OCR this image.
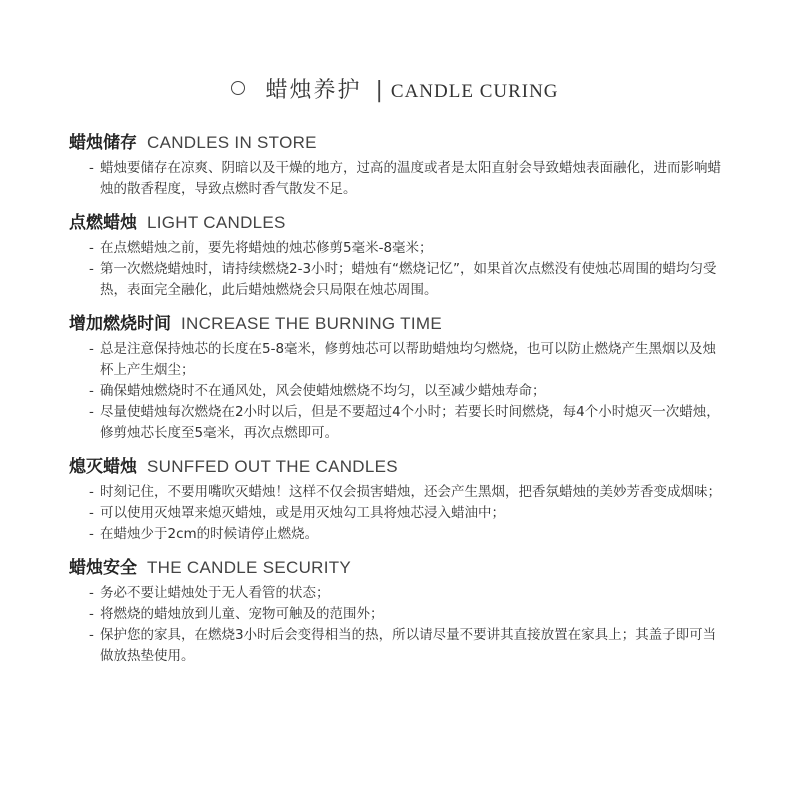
蜡烛养护 | CANDLE CURING
蜡烛储存 CANDLES IN STORE
- 蜡烛要储存在凉爽、阴暗以及干燥的地方，过高的温度或者是太阳直射会导致蜡烛表面融化，进而影响蜡烛的散香程度，导致点燃时香气散发不足。
点燃蜡烛 LIGHT CANDLES
- 在点燃蜡烛之前，要先将蜡烛的烛芯修剪5毫米-8毫米；
- 第一次燃烧蜡烛时，请持续燃烧2-3小时；蜡烛有“燃烧记忆”，如果首次点燃没有使烛芯周围的蜡均匀受热，表面完全融化，此后蜡烛燃烧会只局限在烛芯周围。
增加燃烧时间 INCREASE THE BURNING TIME
- 总是注意保持烛芯的长度在5-8毫米，修剪烛芯可以帮助蜡烛均匀燃烧，也可以防止燃烧产生黑烟以及烛杯上产生烟尘；
- 确保蜡烛燃烧时不在通风处，风会使蜡烛燃烧不均匀，以至减少蜡烛寿命；
- 尽量使蜡烛每次燃烧在2小时以后，但是不要超过4个小时；若要长时间燃烧，每4个小时熄灭一次蜡烛，修剪烛芯长度至5毫米，再次点燃即可。
熄灭蜡烛 SUNFFED OUT THE CANDLES
- 时刻记住，不要用嘴吹灭蜡烛！这样不仅会损害蜡烛，还会产生黑烟，把香氛蜡烛的美妙芳香变成烟味；
- 可以使用灭烛罩来熄灭蜡烛，或是用灭烛勾工具将烛芯浸入蜡油中；
- 在蜡烛少于2cm的时候请停止燃烧。
蜡烛安全 THE CANDLE SECURITY
- 务必不要让蜡烛处于无人看管的状态；
- 将燃烧的蜡烛放到儿童、宠物可触及的范围外；
- 保护您的家具，在燃烧3小时后会变得相当的热，所以请尽量不要讲其直接放置在家具上；其盖子即可当做放热垫使用。
